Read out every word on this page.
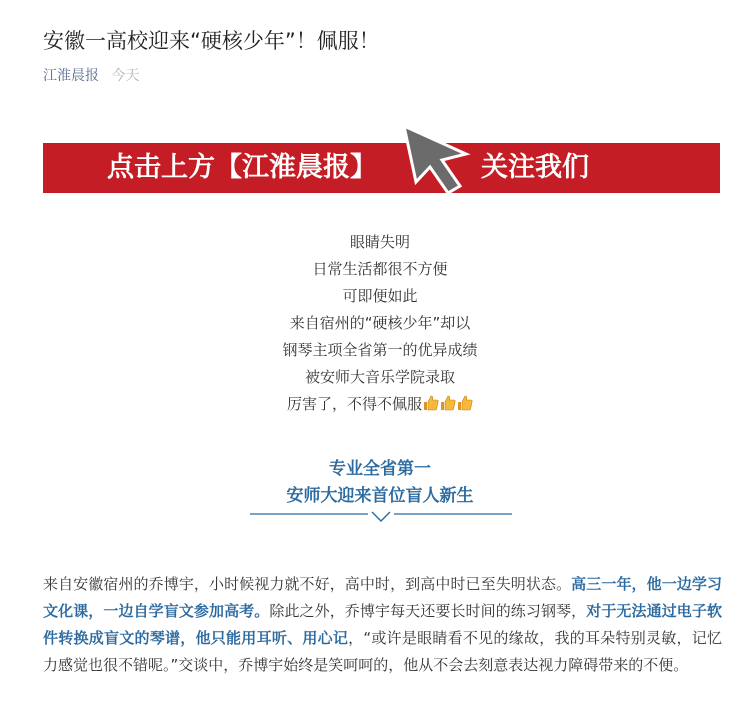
安徽一高校迎来“硬核少年”！佩服！
江淮晨报 今天
点击上方【江淮晨报】	关注我们
眼睛失明
日常生活都很不方便
可即便如此
来自宿州的“硬核少年”却以
钢琴主项全省第一的优异成绩
被安师大音乐学院录取
厉害了，不得不佩服
专业全省第一
安师大迎来首位盲人新生
来自安徽宿州的乔博宇，小时候视力就不好，高中时，到高中时已至失明状态。高三一年，他一边学习文化课，一边自学盲文参加高考。除此之外，乔博宇每天还要长时间的练习钢琴，对于无法通过电子软件转换成盲文的琴谱，他只能用耳听、用心记，“或许是眼睛看不见的缘故，我的耳朵特别灵敏，记忆力感觉也很不错呢。”交谈中，乔博宇始终是笑呵呵的，他从不会去刻意表达视力障碍带来的不便。
